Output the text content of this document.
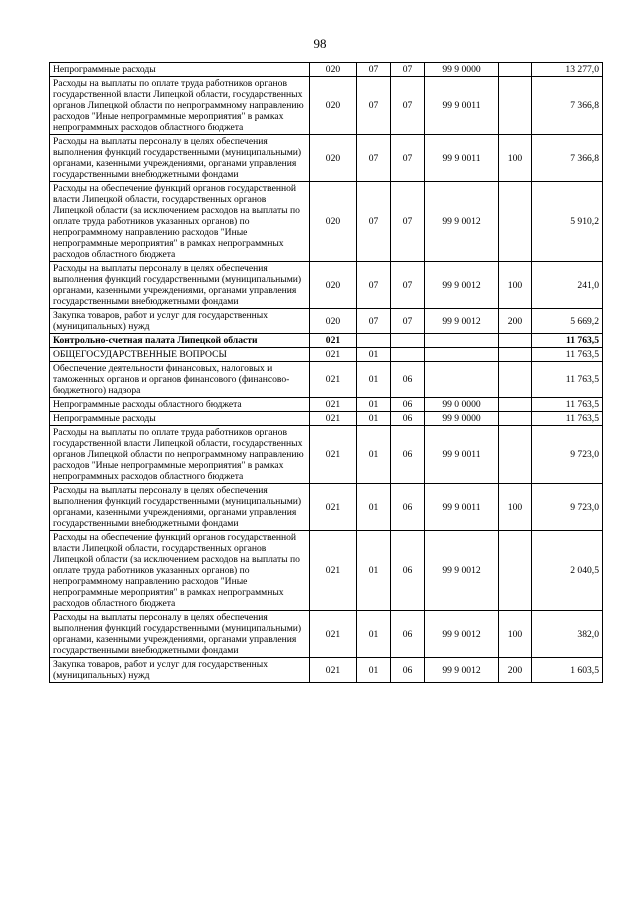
98
Непрограммные расходы	020	07	07	99 9 0000		13 277,0
Расходы на выплаты по оплате труда работников органов государственной власти Липецкой области, государственных органов Липецкой области по непрограммному направлению расходов "Иные непрограммные мероприятия" в рамках непрограммных расходов областного бюджета	020	07	07	99 9 0011		7 366,8
Расходы на выплаты персоналу в целях обеспечения выполнения функций государственными (муниципальными) органами, казенными учреждениями, органами управления государственными внебюджетными фондами	020	07	07	99 9 0011	100	7 366,8
Расходы на обеспечение функций органов государственной власти Липецкой области, государственных органов Липецкой области (за исключением расходов на выплаты по оплате труда работников указанных органов) по непрограммному направлению расходов "Иные непрограммные мероприятия" в рамках непрограммных расходов областного бюджета	020	07	07	99 9 0012		5 910,2
Расходы на выплаты персоналу в целях обеспечения выполнения функций государственными (муниципальными) органами, казенными учреждениями, органами управления государственными внебюджетными фондами	020	07	07	99 9 0012	100	241,0
Закупка товаров, работ и услуг для государственных (муниципальных) нужд	020	07	07	99 9 0012	200	5 669,2
Контрольно-счетная палата Липецкой области	021					11 763,5
ОБЩЕГОСУДАРСТВЕННЫЕ ВОПРОСЫ	021	01				11 763,5
Обеспечение деятельности финансовых, налоговых и таможенных органов и органов финансового (финансово-бюджетного) надзора	021	01	06			11 763,5
Непрограммные расходы областного бюджета	021	01	06	99 0 0000		11 763,5
Непрограммные расходы	021	01	06	99 9 0000		11 763,5
Расходы на выплаты по оплате труда работников органов государственной власти Липецкой области, государственных органов Липецкой области по непрограммному направлению расходов "Иные непрограммные мероприятия" в рамках непрограммных расходов областного бюджета	021	01	06	99 9 0011		9 723,0
Расходы на выплаты персоналу в целях обеспечения выполнения функций государственными (муниципальными) органами, казенными учреждениями, органами управления государственными внебюджетными фондами	021	01	06	99 9 0011	100	9 723,0
Расходы на обеспечение функций органов государственной власти Липецкой области, государственных органов Липецкой области (за исключением расходов на выплаты по оплате труда работников указанных органов) по непрограммному направлению расходов "Иные непрограммные мероприятия" в рамках непрограммных расходов областного бюджета	021	01	06	99 9 0012		2 040,5
Расходы на выплаты персоналу в целях обеспечения выполнения функций государственными (муниципальными) органами, казенными учреждениями, органами управления государственными внебюджетными фондами	021	01	06	99 9 0012	100	382,0
Закупка товаров, работ и услуг для государственных (муниципальных) нужд	021	01	06	99 9 0012	200	1 603,5
